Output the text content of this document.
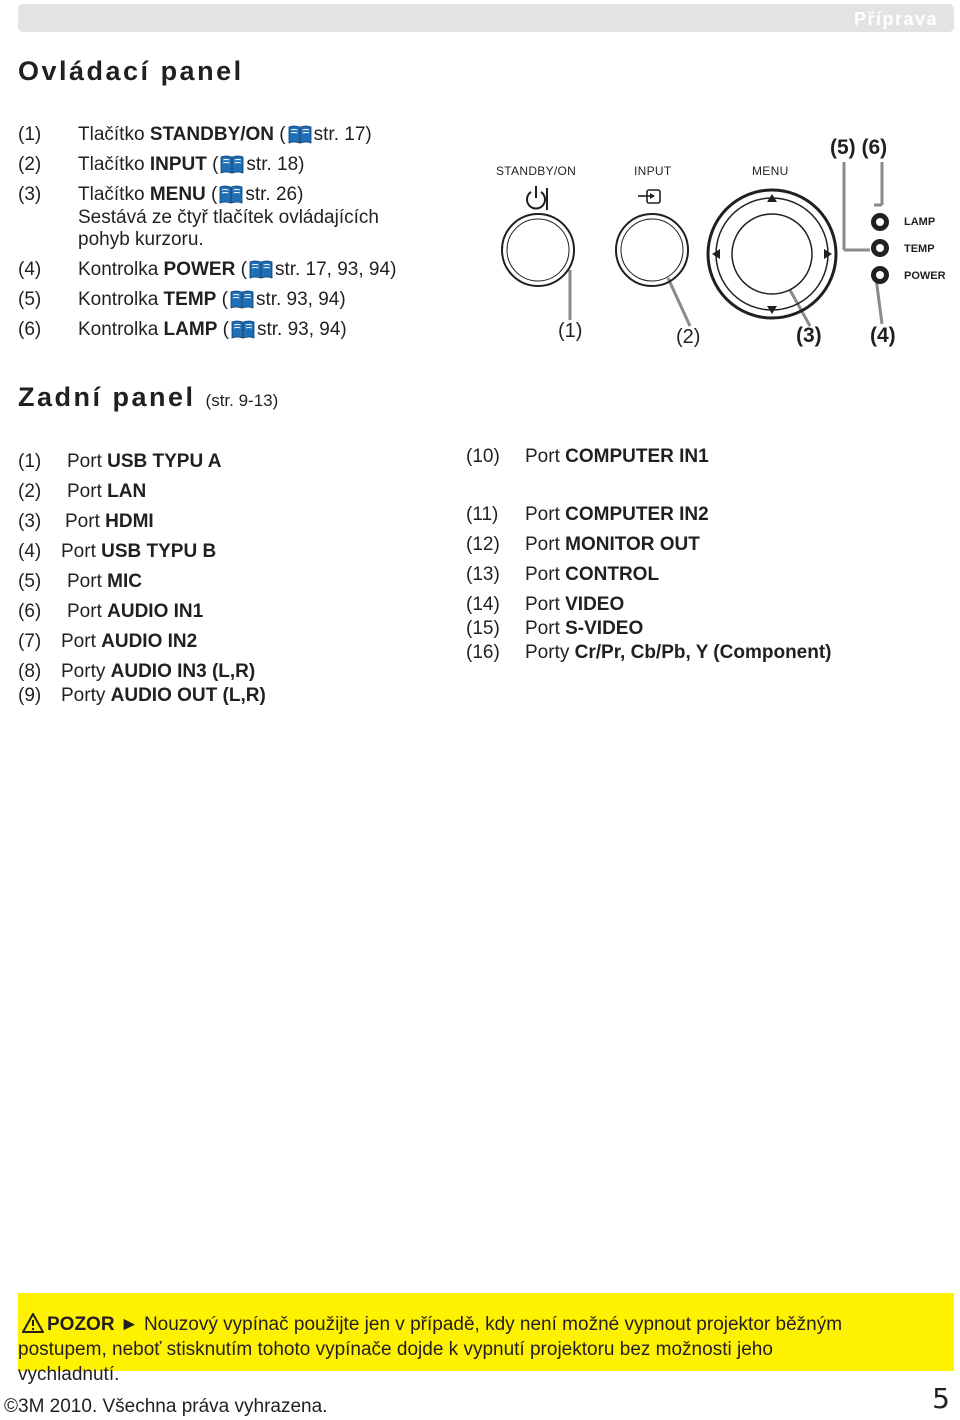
Příprava
Ovládací panel
(1) Tlačítko STANDBY/ON ( str. 17)
(2) Tlačítko INPUT ( str. 18)
(3) Tlačítko MENU ( str. 26)
Sestává ze čtyř tlačítek ovládajících
pohyb kurzoru.
(4) Kontrolka POWER ( str. 17, 93, 94)
(5) Kontrolka TEMP ( str. 93, 94)
(6) Kontrolka LAMP ( str. 93, 94)
STANDBY/ON	INPUT	MENU
LAMP
TEMP
POWER
(1)	(2)	(3) (4)
(5) (6)
Zadní panel (str. 9-13)
(1) Port USB TYPU A
(2) Port LAN
(3) Port HDMI
(4) Port USB TYPU B
(5) Port MIC
(6) Port AUDIO IN1
(7) Port AUDIO IN2
(8) Porty AUDIO IN3 (L,R)
(9) Porty AUDIO OUT (L,R)
(10) Port COMPUTER IN1
(11) Port COMPUTER IN2
(12) Port MONITOR OUT
(13) Port CONTROL
(14) Port VIDEO
(15) Port S-VIDEO
(16) Porty Cr/Pr, Cb/Pb, Y (Component)
POZOR ► Nouzový vypínač použijte jen v případě, kdy není možné vypnout projektor běžným
postupem, neboť stisknutím tohoto vypínače dojde k vypnutí projektoru bez možnosti jeho
vychladnutí.
©3M 2010. Všechna práva vyhrazena.	5
